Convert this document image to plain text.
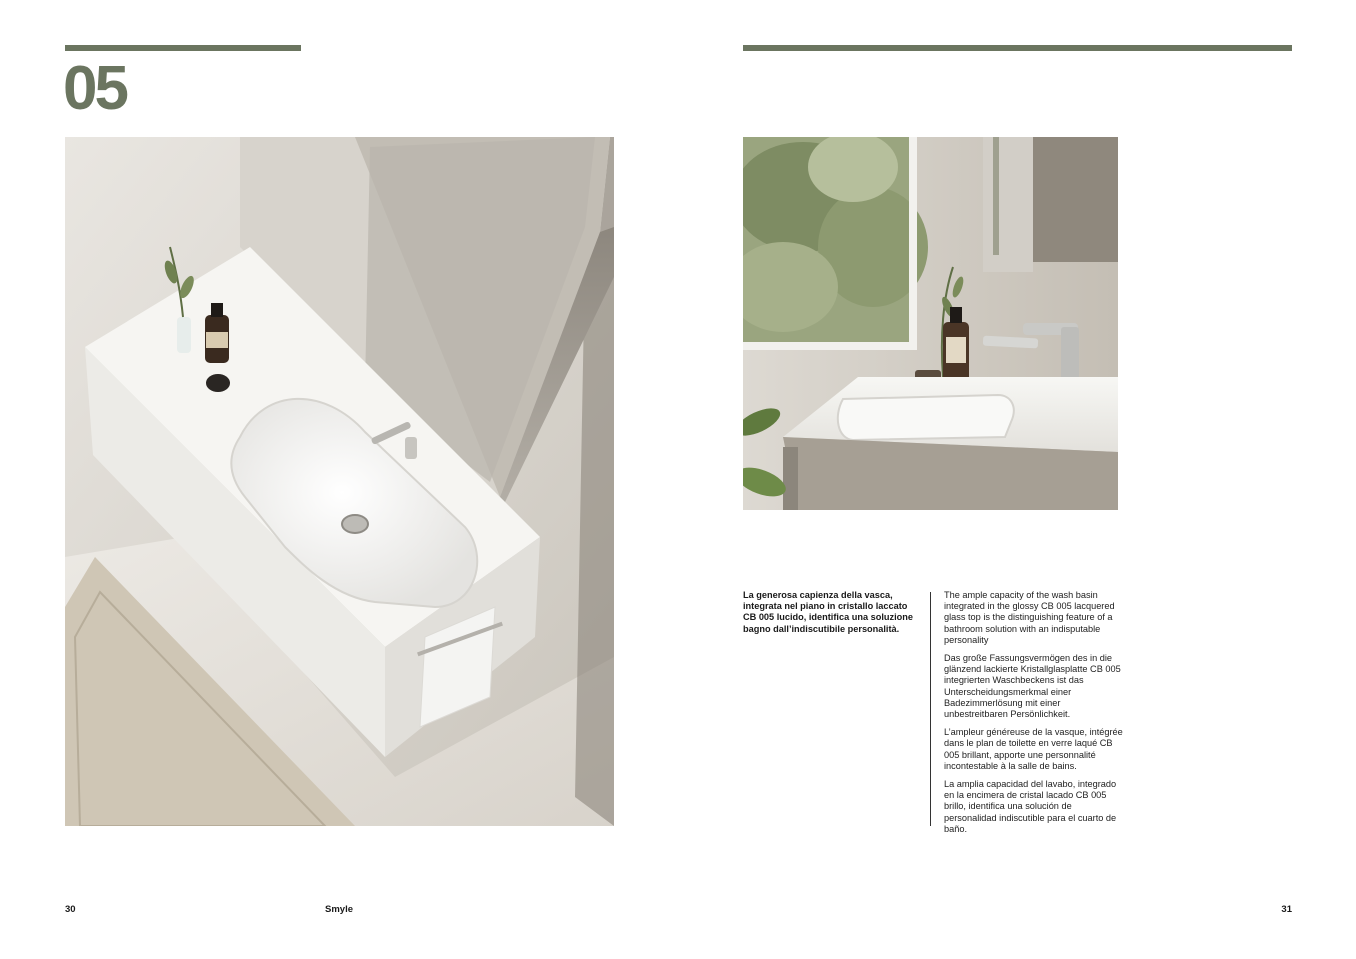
05
La generosa capienza della vasca, integrata nel piano in cristallo laccato CB 005 lucido, identifica una soluzione bagno dall’indiscutibile personalità.

The ample capacity of the wash basin integrated in the glossy CB 005 lacquered glass top is the distinguishing feature of a bathroom solution with an indisputable personality

Das große Fassungsvermögen des in die glänzend lackierte Kristallglasplatte CB 005 integrierten Waschbeckens ist das Unterscheidungsmerkmal einer Badezimmerlösung mit einer unbestreitbaren Persönlichkeit.

L’ampleur généreuse de la vasque, intégrée dans le plan de toilette en verre laqué CB 005 brillant, apporte une personnalité incontestable à la salle de bains.

La amplia capacidad del lavabo, integrado en la encimera de cristal lacado CB 005 brillo, identifica una solución de personalidad indiscutible para el cuarto de baño.

30	Smyle	31
